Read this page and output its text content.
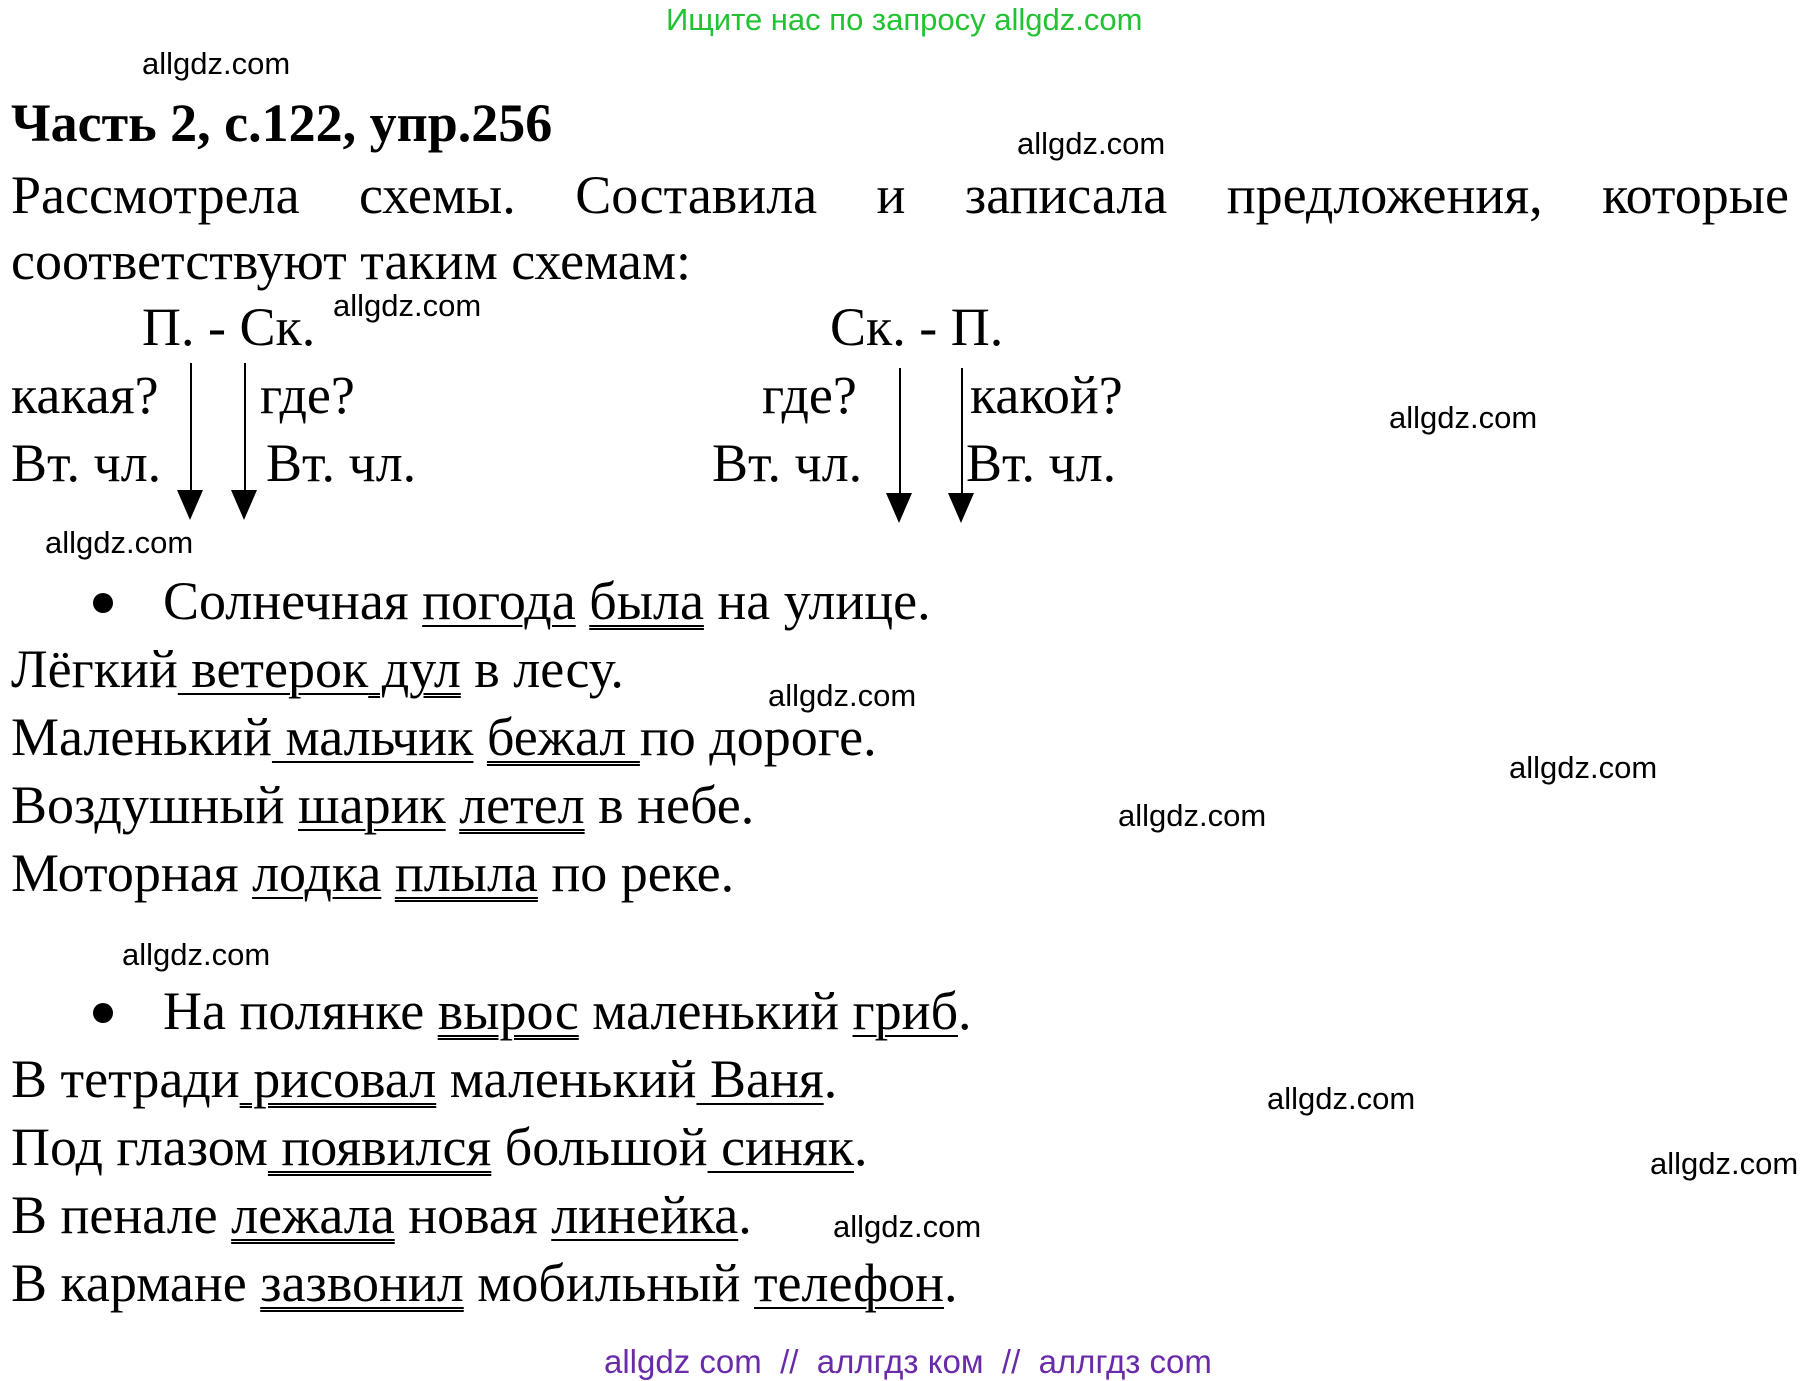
Ищите нас по запросу allgdz.com
allgdz.com
allgdz.com
allgdz.com
allgdz.com
allgdz.com
allgdz.com
allgdz.com
allgdz.com
allgdz.com
allgdz.com
allgdz.com
allgdz.com
Часть 2, с.122, упр.256
Рассмотрела схемы. Составила и записала предложения, которые соответствуют таким схемам:
П. - Ск.
какая? где?
Вт. чл. Вт. чл.
Ск. - П.
где? какой?
Вт. чл. Вт. чл.
Солнечная погода была на улице.
Лёгкий ветерок дул в лесу.
Маленький мальчик бежал по дороге.
Воздушный шарик летел в небе.
Моторная лодка плыла по реке.
На полянке вырос маленький гриб.
В тетради рисовал маленький Ваня.
Под глазом появился большой синяк.
В пенале лежала новая линейка.
В кармане зазвонил мобильный телефон.
allgdz com  //  аллгдз ком  //  аллгдз com
